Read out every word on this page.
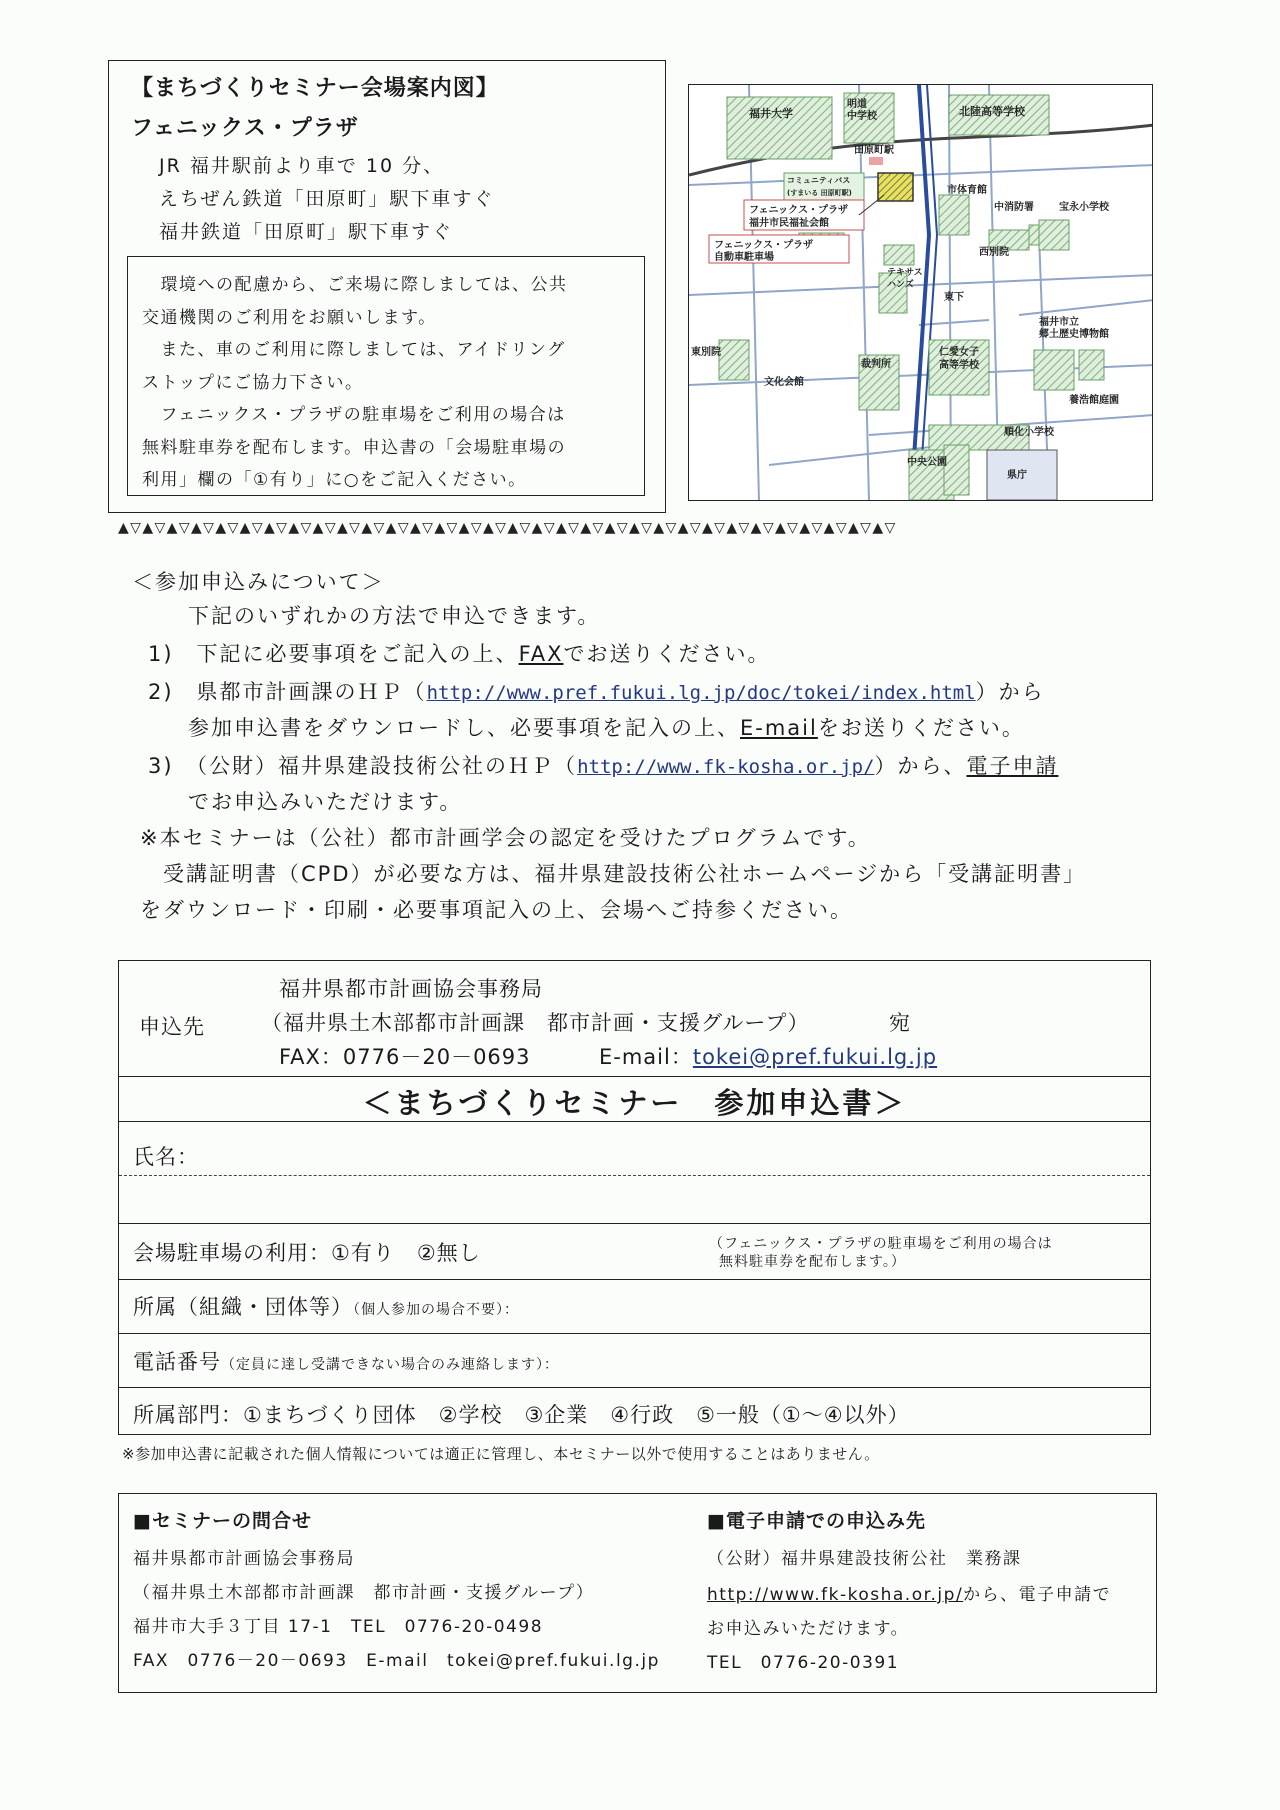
【まちづくりセミナー会場案内図】
フェニックス・プラザ
JR 福井駅前より車で 10 分、
えちぜん鉄道「田原町」駅下車すぐ
福井鉄道「田原町」駅下車すぐ

　環境への配慮から、ご来場に際しましては、公共

交通機関のご利用をお願いします。

　また、車のご利用に際しましては、アイドリング

ストップにご協力下さい。

　フェニックス・プラザの駐車場をご利用の場合は

無料駐車券を配布します。申込書の「会場駐車場の

利用」欄の「①有り」に○をご記入ください。

福井大学
明道
中学校	北陸高等学校
田原町駅
コミュニティバス
(すまいる 田原町駅)
フェニックス・プラザ
福井市民福祉会館
フェニックス・プラザ
自動車駐車場
市体育館
中消防署	宝永小学校
西別院
テキサス
ハンズ
東下
東別院
文化会館
裁判所
仁愛女子
高等学校
福井市立
郷土歴史博物館
養浩館庭園
順化小学校
中央公園
県庁
▲▽▲▽▲▽▲▽▲▽▲▽▲▽▲▽▲▽▲▽▲▽▲▽▲▽▲▽▲▽▲▽▲▽▲▽▲▽▲▽▲▽▲▽▲▽▲▽▲▽▲▽▲▽▲▽▲▽▲▽▲▽▲▽
＜参加申込みについて＞
下記のいずれかの方法で申込できます。
1)　下記に必要事項をご記入の上、FAXでお送りください。
2)　県都市計画課のＨＰ（http://www.pref.fukui.lg.jp/doc/tokei/index.html）から
参加申込書をダウンロードし、必要事項を記入の上、E-mailをお送りください。
3)　（公財）福井県建設技術公社のＨＰ（http://www.fk-kosha.or.jp/）から、電子申請
でお申込みいただけます。
※本セミナーは（公社）都市計画学会の認定を受けたプログラムです。
　受講証明書（CPD）が必要な方は、福井県建設技術公社ホームページから「受講証明書」
をダウンロード・印刷・必要事項記入の上、会場へご持参ください。
申込先
福井県都市計画協会事務局
（福井県土木部都市計画課　都市計画・支援グループ）	宛
FAX：0776－20－0693	E-mail：tokei@pref.fukui.lg.jp
＜まちづくりセミナー　参加申込書＞
氏名：
会場駐車場の利用：①有り　②無し	（フェニックス・プラザの駐車場をご利用の場合は
無料駐車券を配布します。）
所属（組織・団体等）（個人参加の場合不要）：
電話番号（定員に達し受講できない場合のみ連絡します）：
所属部門：①まちづくり団体　②学校　③企業　④行政　⑤一般（①～④以外）
※参加申込書に記載された個人情報については適正に管理し、本セミナー以外で使用することはありません。
■セミナーの問合せ
福井県都市計画協会事務局
（福井県土木部都市計画課　都市計画・支援グループ）
福井市大手３丁目 17-1　TEL　0776-20-0498
FAX　0776－20－0693　E-mail　tokei@pref.fukui.lg.jp
■電子申請での申込み先
（公財）福井県建設技術公社　業務課
http://www.fk-kosha.or.jp/から、電子申請で
お申込みいただけます。
TEL　0776-20-0391
